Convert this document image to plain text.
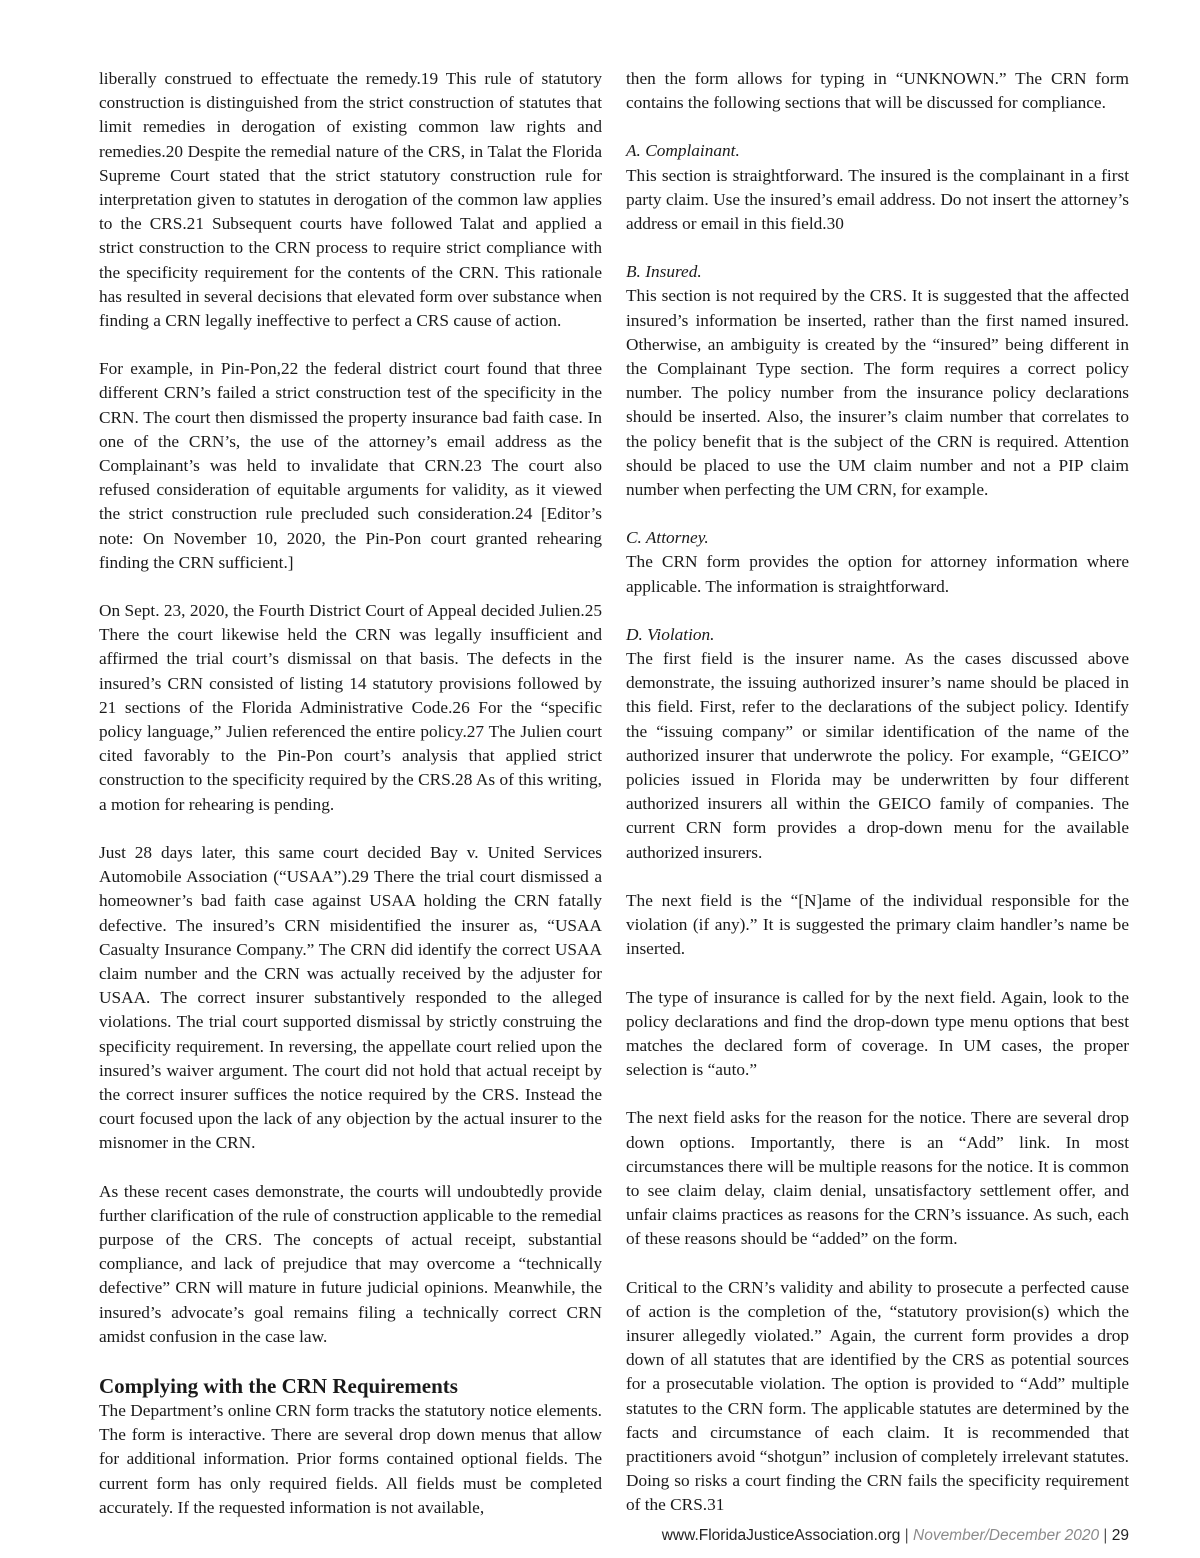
liberally construed to effectuate the remedy.19 This rule of statutory construction is distinguished from the strict construction of statutes that limit remedies in derogation of existing common law rights and remedies.20 Despite the remedial nature of the CRS, in Talat the Florida Supreme Court stated that the strict statutory construction rule for interpretation given to statutes in derogation of the common law applies to the CRS.21 Subsequent courts have followed Talat and applied a strict construction to the CRN process to require strict compliance with the specificity requirement for the contents of the CRN. This rationale has resulted in several decisions that elevated form over substance when finding a CRN legally ineffective to perfect a CRS cause of action.

For example, in Pin-Pon,22 the federal district court found that three different CRN’s failed a strict construction test of the specificity in the CRN. The court then dismissed the property insurance bad faith case. In one of the CRN’s, the use of the attorney’s email address as the Complainant’s was held to invalidate that CRN.23 The court also refused consideration of equitable arguments for validity, as it viewed the strict construction rule precluded such consideration.24 [Editor’s note: On November 10, 2020, the Pin-Pon court granted rehearing finding the CRN sufficient.]

On Sept. 23, 2020, the Fourth District Court of Appeal decided Julien.25 There the court likewise held the CRN was legally insufficient and affirmed the trial court’s dismissal on that basis. The defects in the insured’s CRN consisted of listing 14 statutory provisions followed by 21 sections of the Florida Administrative Code.26 For the “specific policy language,” Julien referenced the entire policy.27 The Julien court cited favorably to the Pin-Pon court’s analysis that applied strict construction to the specificity required by the CRS.28 As of this writing, a motion for rehearing is pending.

Just 28 days later, this same court decided Bay v. United Services Automobile Association (“USAA”).29 There the trial court dismissed a homeowner’s bad faith case against USAA holding the CRN fatally defective. The insured’s CRN misidentified the insurer as, “USAA Casualty Insurance Company.” The CRN did identify the correct USAA claim number and the CRN was actually received by the adjuster for USAA. The correct insurer substantively responded to the alleged violations. The trial court supported dismissal by strictly construing the specificity requirement. In reversing, the appellate court relied upon the insured’s waiver argument. The court did not hold that actual receipt by the correct insurer suffices the notice required by the CRS. Instead the court focused upon the lack of any objection by the actual insurer to the misnomer in the CRN.

As these recent cases demonstrate, the courts will undoubtedly provide further clarification of the rule of construction applicable to the remedial purpose of the CRS. The concepts of actual receipt, substantial compliance, and lack of prejudice that may overcome a “technically defective” CRN will mature in future judicial opinions. Meanwhile, the insured’s advocate’s goal remains filing a technically correct CRN amidst confusion in the case law.

Complying with the CRN Requirements

The Department’s online CRN form tracks the statutory notice elements. The form is interactive. There are several drop down menus that allow for additional information. Prior forms contained optional fields. The current form has only required fields. All fields must be completed accurately. If the requested information is not available,

then the form allows for typing in “UNKNOWN.” The CRN form contains the following sections that will be discussed for compliance.

A. Complainant.

This section is straightforward. The insured is the complainant in a first party claim. Use the insured’s email address. Do not insert the attorney’s address or email in this field.30

B. Insured.

This section is not required by the CRS. It is suggested that the affected insured’s information be inserted, rather than the first named insured. Otherwise, an ambiguity is created by the “insured” being different in the Complainant Type section. The form requires a correct policy number. The policy number from the insurance policy declarations should be inserted. Also, the insurer’s claim number that correlates to the policy benefit that is the subject of the CRN is required. Attention should be placed to use the UM claim number and not a PIP claim number when perfecting the UM CRN, for example.

C. Attorney.

The CRN form provides the option for attorney information where applicable. The information is straightforward.

D. Violation.

The first field is the insurer name. As the cases discussed above demonstrate, the issuing authorized insurer’s name should be placed in this field. First, refer to the declarations of the subject policy. Identify the “issuing company” or similar identification of the name of the authorized insurer that underwrote the policy. For example, “GEICO” policies issued in Florida may be underwritten by four different authorized insurers all within the GEICO family of companies. The current CRN form provides a drop-down menu for the available authorized insurers.

The next field is the “[N]ame of the individual responsible for the violation (if any).” It is suggested the primary claim handler’s name be inserted.

The type of insurance is called for by the next field. Again, look to the policy declarations and find the drop-down type menu options that best matches the declared form of coverage. In UM cases, the proper selection is “auto.”

The next field asks for the reason for the notice. There are several drop down options. Importantly, there is an “Add” link. In most circumstances there will be multiple reasons for the notice. It is common to see claim delay, claim denial, unsatisfactory settlement offer, and unfair claims practices as reasons for the CRN’s issuance. As such, each of these reasons should be “added” on the form.

Critical to the CRN’s validity and ability to prosecute a perfected cause of action is the completion of the, “statutory provision(s) which the insurer allegedly violated.” Again, the current form provides a drop down of all statutes that are identified by the CRS as potential sources for a prosecutable violation. The option is provided to “Add” multiple statutes to the CRN form. The applicable statutes are determined by the facts and circumstance of each claim. It is recommended that practitioners avoid “shotgun” inclusion of completely irrelevant statutes. Doing so risks a court finding the CRN fails the specificity requirement of the CRS.31

www.FloridaJusticeAssociation.org | November/December 2020 | 29
